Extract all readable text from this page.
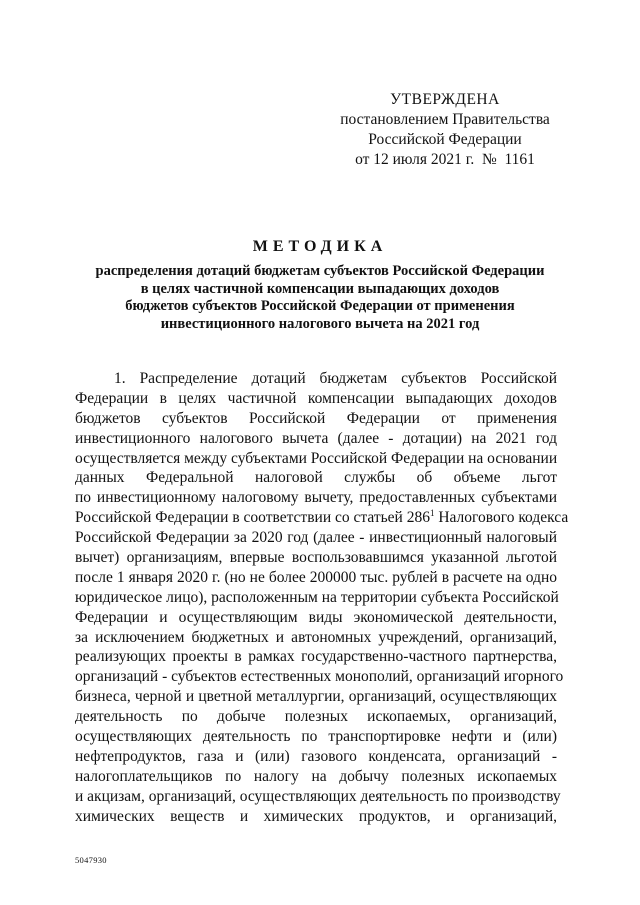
УТВЕРЖДЕНА
постановлением Правительства
Российской Федерации
от 12 июля 2021 г.  №  1161
МЕТОДИКА
распределения дотаций бюджетам субъектов Российской Федерации
в целях частичной компенсации выпадающих доходов
бюджетов субъектов Российской Федерации от применения
инвестиционного налогового вычета на 2021 год
1. Распределение дотаций бюджетам субъектов Российской
Федерации в целях частичной компенсации выпадающих доходов
бюджетов субъектов Российской Федерации от применения
инвестиционного налогового вычета (далее - дотации) на 2021 год
осуществляется между субъектами Российской Федерации на основании
данных Федеральной налоговой службы об объеме льгот
по инвестиционному налоговому вычету, предоставленных субъектами
Российской Федерации в соответствии со статьей $286^1$ Налогового кодекса
Российской Федерации за 2020 год (далее - инвестиционный налоговый
вычет) организациям, впервые воспользовавшимся указанной льготой
после 1 января 2020 г. (но не более 200000 тыс. рублей в расчете на одно
юридическое лицо), расположенным на территории субъекта Российской
Федерации и осуществляющим виды экономической деятельности,
за исключением бюджетных и автономных учреждений, организаций,
реализующих проекты в рамках государственно-частного партнерства,
организаций - субъектов естественных монополий, организаций игорного
бизнеса, черной и цветной металлургии, организаций, осуществляющих
деятельность по добыче полезных ископаемых, организаций,
осуществляющих деятельность по транспортировке нефти и (или)
нефтепродуктов, газа и (или) газового конденсата, организаций -
налогоплательщиков по налогу на добычу полезных ископаемых
и акцизам, организаций, осуществляющих деятельность по производству
химических веществ и химических продуктов, и организаций,
5047930
